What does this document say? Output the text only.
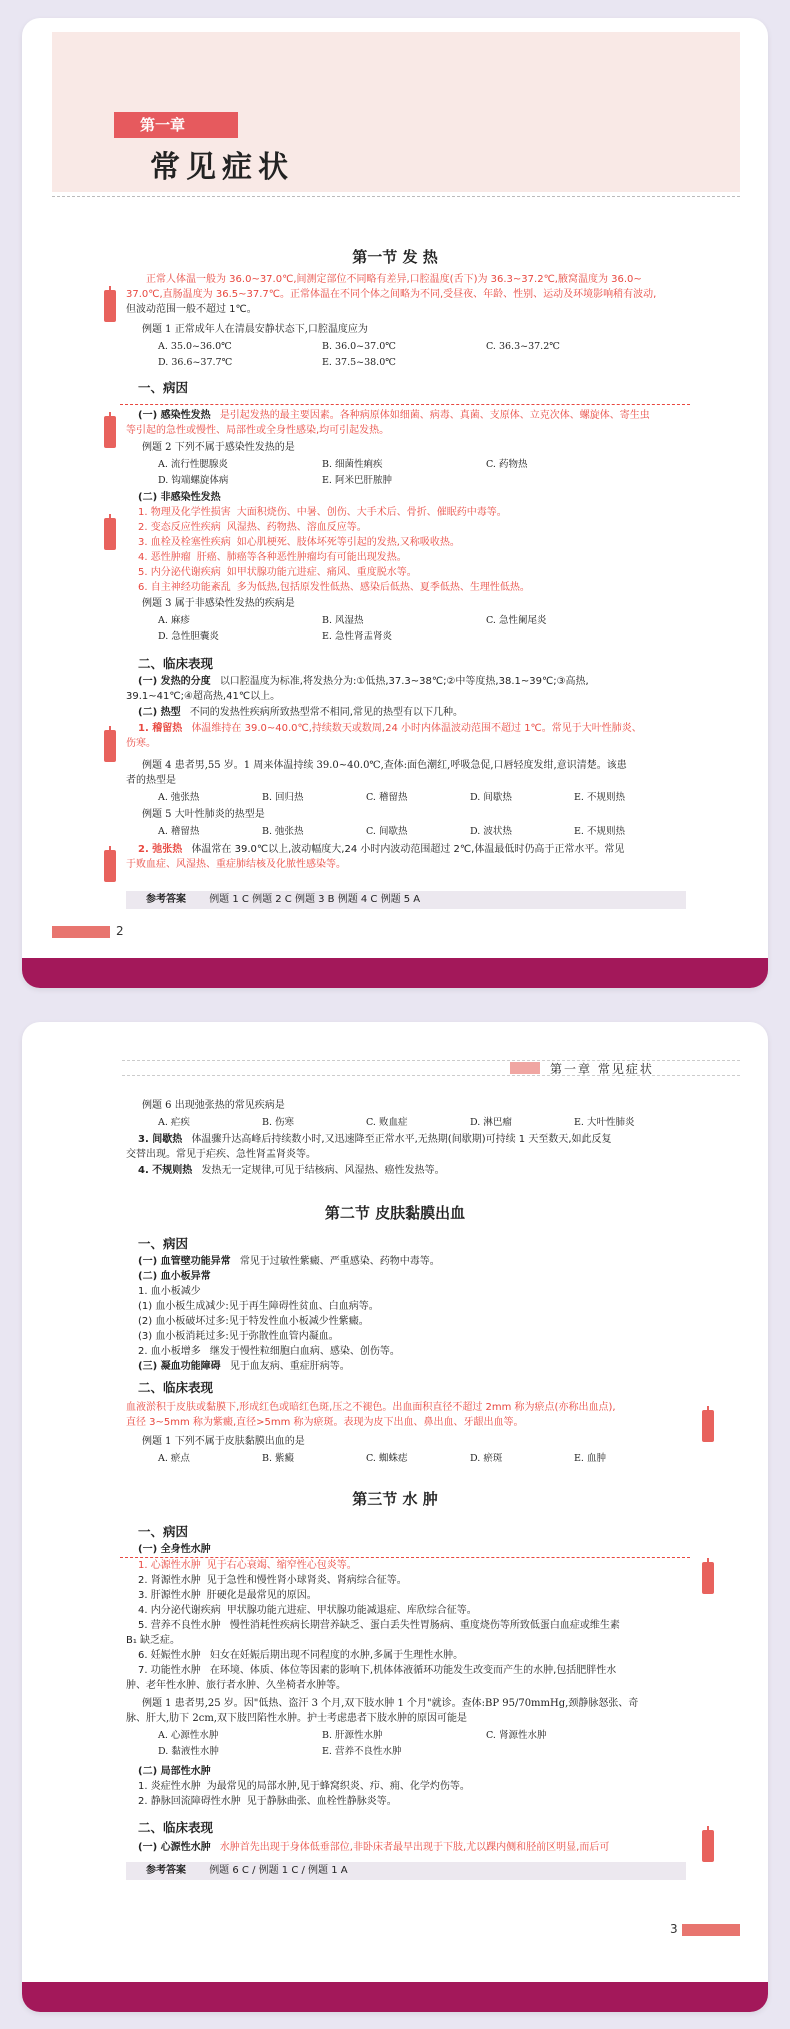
第一章
常见症状
第一节 发 热
正常人体温一般为 36.0~37.0℃,间测定部位不同略有差异,口腔温度(舌下)为 36.3~37.2℃,腋窝温度为 36.0~
37.0℃,直肠温度为 36.5~37.7℃。正常体温在不同个体之间略为不同,受昼夜、年龄、性别、运动及环境影响稍有波动,
但波动范围一般不超过 1℃。
例题 1 正常成年人在清晨安静状态下,口腔温度应为
A. 35.0~36.0℃	B. 36.0~37.0℃	C. 36.3~37.2℃
D. 36.6~37.7℃	E. 37.5~38.0℃
一、病因
(一) 感染性发热 是引起发热的最主要因素。各种病原体如细菌、病毒、真菌、支原体、立克次体、螺旋体、寄生虫
等引起的急性或慢性、局部性或全身性感染,均可引起发热。
例题 2 下列不属于感染性发热的是
A. 流行性腮腺炎	B. 细菌性痢疾	C. 药物热
D. 钩端螺旋体病	E. 阿米巴肝脓肿
(二) 非感染性发热
1. 物理及化学性损害 大面积烧伤、中暑、创伤、大手术后、骨折、催眠药中毒等。
2. 变态反应性疾病 风湿热、药物热、溶血反应等。
3. 血栓及栓塞性疾病 如心肌梗死、肢体坏死等引起的发热,又称吸收热。
4. 恶性肿瘤 肝癌、肺癌等各种恶性肿瘤均有可能出现发热。
5. 内分泌代谢疾病 如甲状腺功能亢进症、痛风、重度脱水等。
6. 自主神经功能紊乱 多为低热,包括原发性低热、感染后低热、夏季低热、生理性低热。
例题 3 属于非感染性发热的疾病是
A. 麻疹	B. 风湿热	C. 急性阑尾炎
D. 急性胆囊炎	E. 急性肾盂肾炎
二、临床表现
(一) 发热的分度 以口腔温度为标准,将发热分为:①低热,37.3~38℃;②中等度热,38.1~39℃;③高热,
39.1~41℃;④超高热,41℃以上。
(二) 热型 不同的发热性疾病所致热型常不相同,常见的热型有以下几种。
1. 稽留热 体温维持在 39.0~40.0℃,持续数天或数周,24 小时内体温波动范围不超过 1℃。常见于大叶性肺炎、
伤寒。
例题 4 患者男,55 岁。1 周来体温持续 39.0~40.0℃,查体:面色潮红,呼吸急促,口唇轻度发绀,意识清楚。该患
者的热型是
A. 弛张热	B. 回归热	C. 稽留热	D. 间歇热	E. 不规则热
例题 5 大叶性肺炎的热型是
A. 稽留热	B. 弛张热	C. 间歇热	D. 波状热	E. 不规则热
2. 弛张热 体温常在 39.0℃以上,波动幅度大,24 小时内波动范围超过 2℃,体温最低时仍高于正常水平。常见
于败血症、风湿热、重症肺结核及化脓性感染等。
参考答案 例题 1 C 例题 2 C 例题 3 B 例题 4 C 例题 5 A
2
第一章 常见症状
例题 6 出现弛张热的常见疾病是
A. 疟疾	B. 伤寒	C. 败血症	D. 淋巴瘤	E. 大叶性肺炎
3. 间歇热 体温骤升达高峰后持续数小时,又迅速降至正常水平,无热期(间歇期)可持续 1 天至数天,如此反复
交替出现。常见于疟疾、急性肾盂肾炎等。
4. 不规则热 发热无一定规律,可见于结核病、风湿热、癌性发热等。
第二节 皮肤黏膜出血
一、病因
(一) 血管壁功能异常 常见于过敏性紫癜、严重感染、药物中毒等。
(二) 血小板异常
1. 血小板减少
(1) 血小板生成减少:见于再生障碍性贫血、白血病等。
(2) 血小板破坏过多:见于特发性血小板减少性紫癜。
(3) 血小板消耗过多:见于弥散性血管内凝血。
2. 血小板增多 继发于慢性粒细胞白血病、感染、创伤等。
(三) 凝血功能障碍 见于血友病、重症肝病等。
二、临床表现
血液淤积于皮肤或黏膜下,形成红色或暗红色斑,压之不褪色。出血面积直径不超过 2mm 称为瘀点(亦称出血点),
直径 3~5mm 称为紫癜,直径>5mm 称为瘀斑。表现为皮下出血、鼻出血、牙龈出血等。
例题 1 下列不属于皮肤黏膜出血的是
A. 瘀点	B. 紫癜	C. 蜘蛛痣	D. 瘀斑	E. 血肿
第三节 水 肿
一、病因
(一) 全身性水肿
1. 心源性水肿 见于右心衰竭、缩窄性心包炎等。
2. 肾源性水肿 见于急性和慢性肾小球肾炎、肾病综合征等。
3. 肝源性水肿 肝硬化是最常见的原因。
4. 内分泌代谢疾病 甲状腺功能亢进症、甲状腺功能减退症、库欣综合征等。
5. 营养不良性水肿 慢性消耗性疾病长期营养缺乏、蛋白丢失性胃肠病、重度烧伤等所致低蛋白血症或维生素
B₁ 缺乏症。
6. 妊娠性水肿 妇女在妊娠后期出现不同程度的水肿,多属于生理性水肿。
7. 功能性水肿 在环境、体质、体位等因素的影响下,机体体液循环功能发生改变而产生的水肿,包括肥胖性水
肿、老年性水肿、旅行者水肿、久坐椅者水肿等。
例题 1 患者男,25 岁。因"低热、盗汗 3 个月,双下肢水肿 1 个月"就诊。查体:BP 95/70mmHg,颈静脉怒张、奇
脉、肝大,肋下 2cm,双下肢凹陷性水肿。护士考虑患者下肢水肿的原因可能是
A. 心源性水肿	B. 肝源性水肿	C. 肾源性水肿
D. 黏液性水肿	E. 营养不良性水肿
(二) 局部性水肿
1. 炎症性水肿 为最常见的局部水肿,见于蜂窝织炎、疖、痈、化学灼伤等。
2. 静脉回流障碍性水肿 见于静脉曲张、血栓性静脉炎等。
二、临床表现
(一) 心源性水肿 水肿首先出现于身体低垂部位,非卧床者最早出现于下肢,尤以踝内侧和胫前区明显,而后可
参考答案 例题 6 C / 例题 1 C / 例题 1 A
3
